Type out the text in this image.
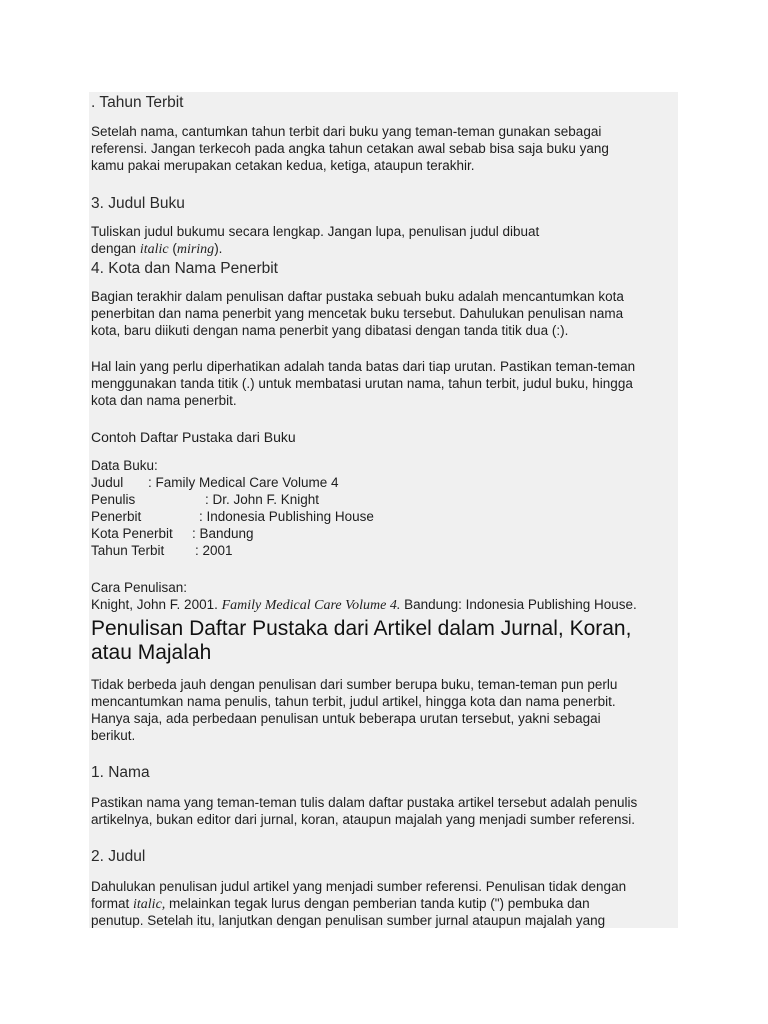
. Tahun Terbit
Setelah nama, cantumkan tahun terbit dari buku yang teman-teman gunakan sebagai
referensi. Jangan terkecoh pada angka tahun cetakan awal sebab bisa saja buku yang
kamu pakai merupakan cetakan kedua, ketiga, ataupun terakhir.
3. Judul Buku
Tuliskan judul bukumu secara lengkap. Jangan lupa, penulisan judul dibuat
dengan italic (miring).
4. Kota dan Nama Penerbit
Bagian terakhir dalam penulisan daftar pustaka sebuah buku adalah mencantumkan kota
penerbitan dan nama penerbit yang mencetak buku tersebut. Dahulukan penulisan nama
kota, baru diikuti dengan nama penerbit yang dibatasi dengan tanda titik dua (:).
Hal lain yang perlu diperhatikan adalah tanda batas dari tiap urutan. Pastikan teman-teman
menggunakan tanda titik (.) untuk membatasi urutan nama, tahun terbit, judul buku, hingga
kota dan nama penerbit.
Contoh Daftar Pustaka dari Buku
Data Buku:
Judul : Family Medical Care Volume 4
Penulis	: Dr. John F. Knight
Penerbit	: Indonesia Publishing House
Kota Penerbit : Bandung
Tahun Terbit : 2001
Cara Penulisan:
Knight, John F. 2001. Family Medical Care Volume 4. Bandung: Indonesia Publishing House.
Penulisan Daftar Pustaka dari Artikel dalam Jurnal, Koran,
atau Majalah
Tidak berbeda jauh dengan penulisan dari sumber berupa buku, teman-teman pun perlu
mencantumkan nama penulis, tahun terbit, judul artikel, hingga kota dan nama penerbit.
Hanya saja, ada perbedaan penulisan untuk beberapa urutan tersebut, yakni sebagai
berikut.
1. Nama
Pastikan nama yang teman-teman tulis dalam daftar pustaka artikel tersebut adalah penulis
artikelnya, bukan editor dari jurnal, koran, ataupun majalah yang menjadi sumber referensi.
2. Judul
Dahulukan penulisan judul artikel yang menjadi sumber referensi. Penulisan tidak dengan
format italic, melainkan tegak lurus dengan pemberian tanda kutip (") pembuka dan
penutup. Setelah itu, lanjutkan dengan penulisan sumber jurnal ataupun majalah yang
